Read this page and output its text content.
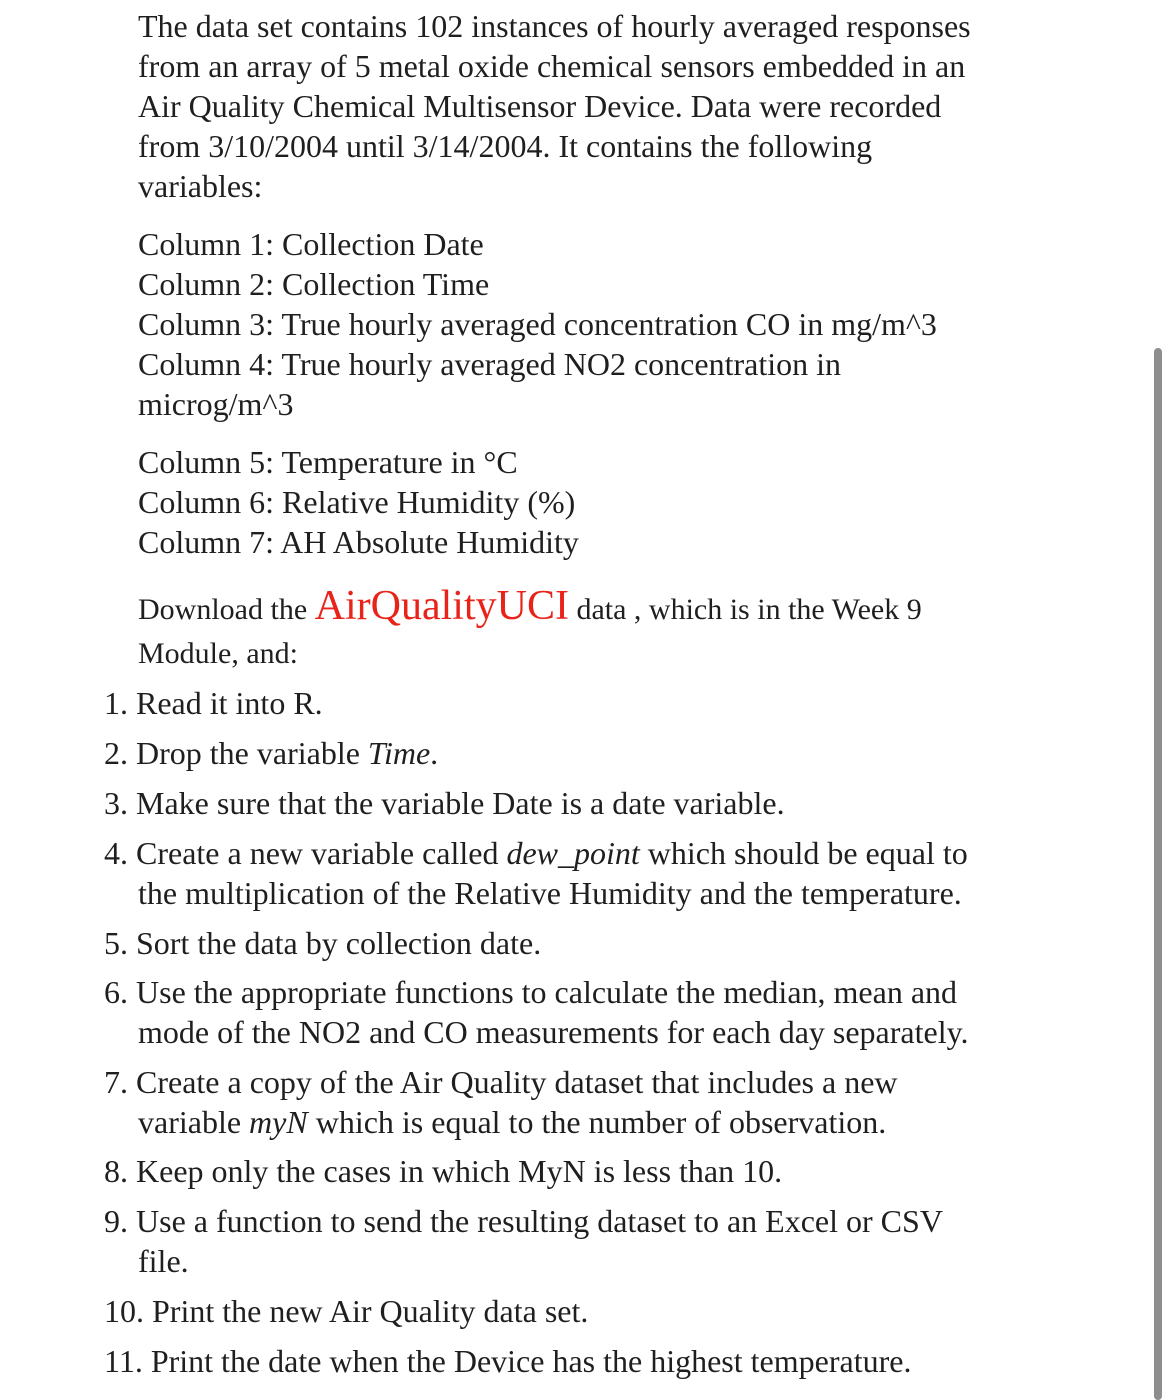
The data set contains 102 instances of hourly averaged responses
from an array of 5 metal oxide chemical sensors embedded in an
Air Quality Chemical Multisensor Device. Data were recorded
from 3/10/2004 until 3/14/2004. It contains the following
variables:
Column 1: Collection Date
Column 2: Collection Time
Column 3: True hourly averaged concentration CO in mg/m^3
Column 4: True hourly averaged NO2 concentration in
microg/m^3
Column 5: Temperature in °C
Column 6: Relative Humidity (%)
Column 7: AH Absolute Humidity
Download the AirQualityUCI data , which is in the Week 9
Module, and:
1. Read it into R.
2. Drop the variable Time.
3. Make sure that the variable Date is a date variable.
4. Create a new variable called dew_point which should be equal to
the multiplication of the Relative Humidity and the temperature.
5. Sort the data by collection date.
6. Use the appropriate functions to calculate the median, mean and
mode of the NO2 and CO measurements for each day separately.
7. Create a copy of the Air Quality dataset that includes a new
variable myN which is equal to the number of observation.
8. Keep only the cases in which MyN is less than 10.
9. Use a function to send the resulting dataset to an Excel or CSV
file.
10. Print the new Air Quality data set.
11. Print the date when the Device has the highest temperature.
